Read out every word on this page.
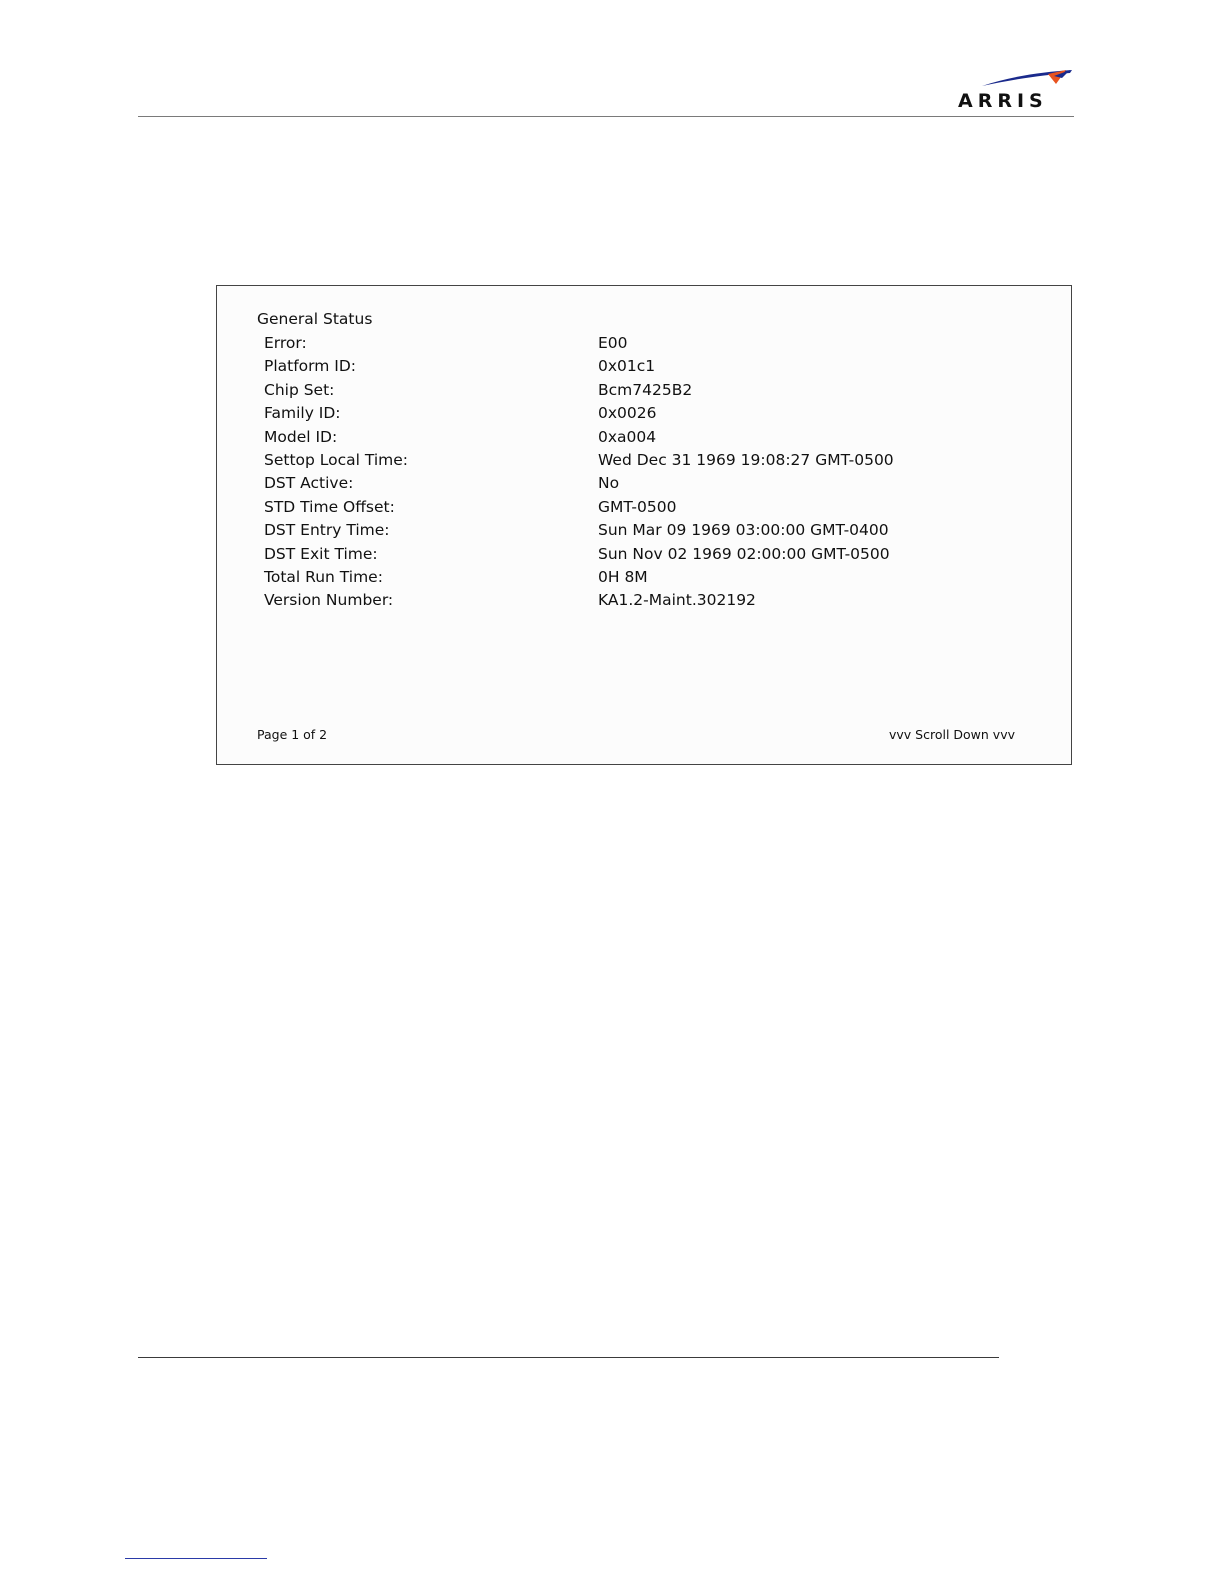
ARRIS
General Status
Error:	E00
Platform ID:	0x01c1
Chip Set:	Bcm7425B2
Family ID:	0x0026
Model ID:	0xa004
Settop Local Time:	Wed Dec 31 1969 19:08:27 GMT-0500
DST Active:	No
STD Time Offset:	GMT-0500
DST Entry Time:	Sun Mar 09 1969 03:00:00 GMT-0400
DST Exit Time:	Sun Nov 02 1969 02:00:00 GMT-0500
Total Run Time:	0H 8M
Version Number:	KA1.2-Maint.302192
Page 1 of 2	vvv Scroll Down vvv
